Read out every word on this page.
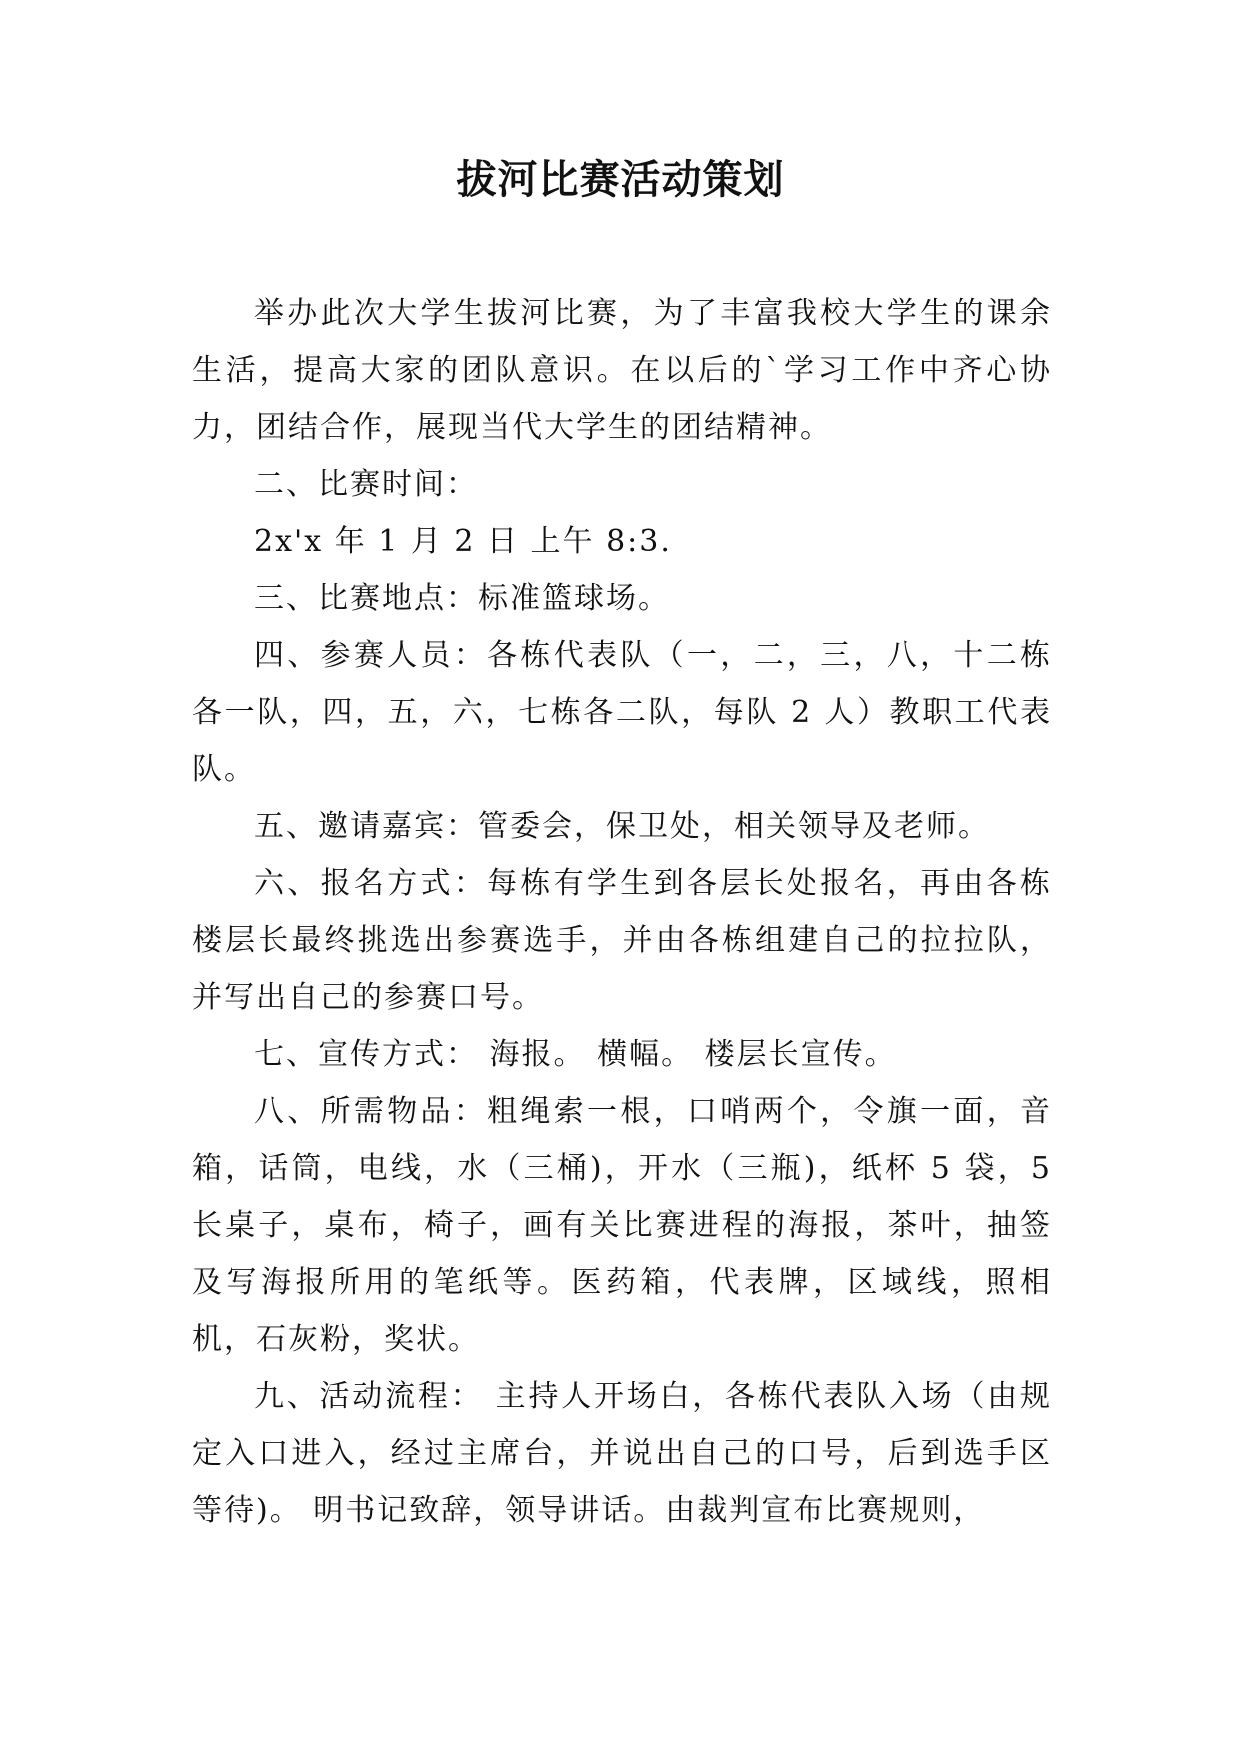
拔河比赛活动策划

举办此次大学生拔河比赛，为了丰富我校大学生的课余生活，提高大家的团队意识。在以后的`学习工作中齐心协力，团结合作，展现当代大学生的团结精神。

二、比赛时间：

2x'x 年 1 月 2 日 上午 8:3.

三、比赛地点：标准篮球场。

四、参赛人员：各栋代表队（一，二，三，八，十二栋各一队，四，五，六，七栋各二队，每队 2 人）教职工代表队。

五、邀请嘉宾：管委会，保卫处，相关领导及老师。

六、报名方式：每栋有学生到各层长处报名，再由各栋楼层长最终挑选出参赛选手，并由各栋组建自己的拉拉队，并写出自己的参赛口号。

七、宣传方式： 海报。 横幅。 楼层长宣传。

八、所需物品：粗绳索一根，口哨两个，令旗一面，音箱，话筒，电线，水（三桶)，开水（三瓶)，纸杯 5 袋，5 长桌子，桌布，椅子，画有关比赛进程的海报，茶叶，抽签及写海报所用的笔纸等。医药箱，代表牌，区域线，照相机，石灰粉，奖状。

九、活动流程： 主持人开场白，各栋代表队入场（由规定入口进入，经过主席台，并说出自己的口号，后到选手区等待)。 明书记致辞，领导讲话。由裁判宣布比赛规则，
